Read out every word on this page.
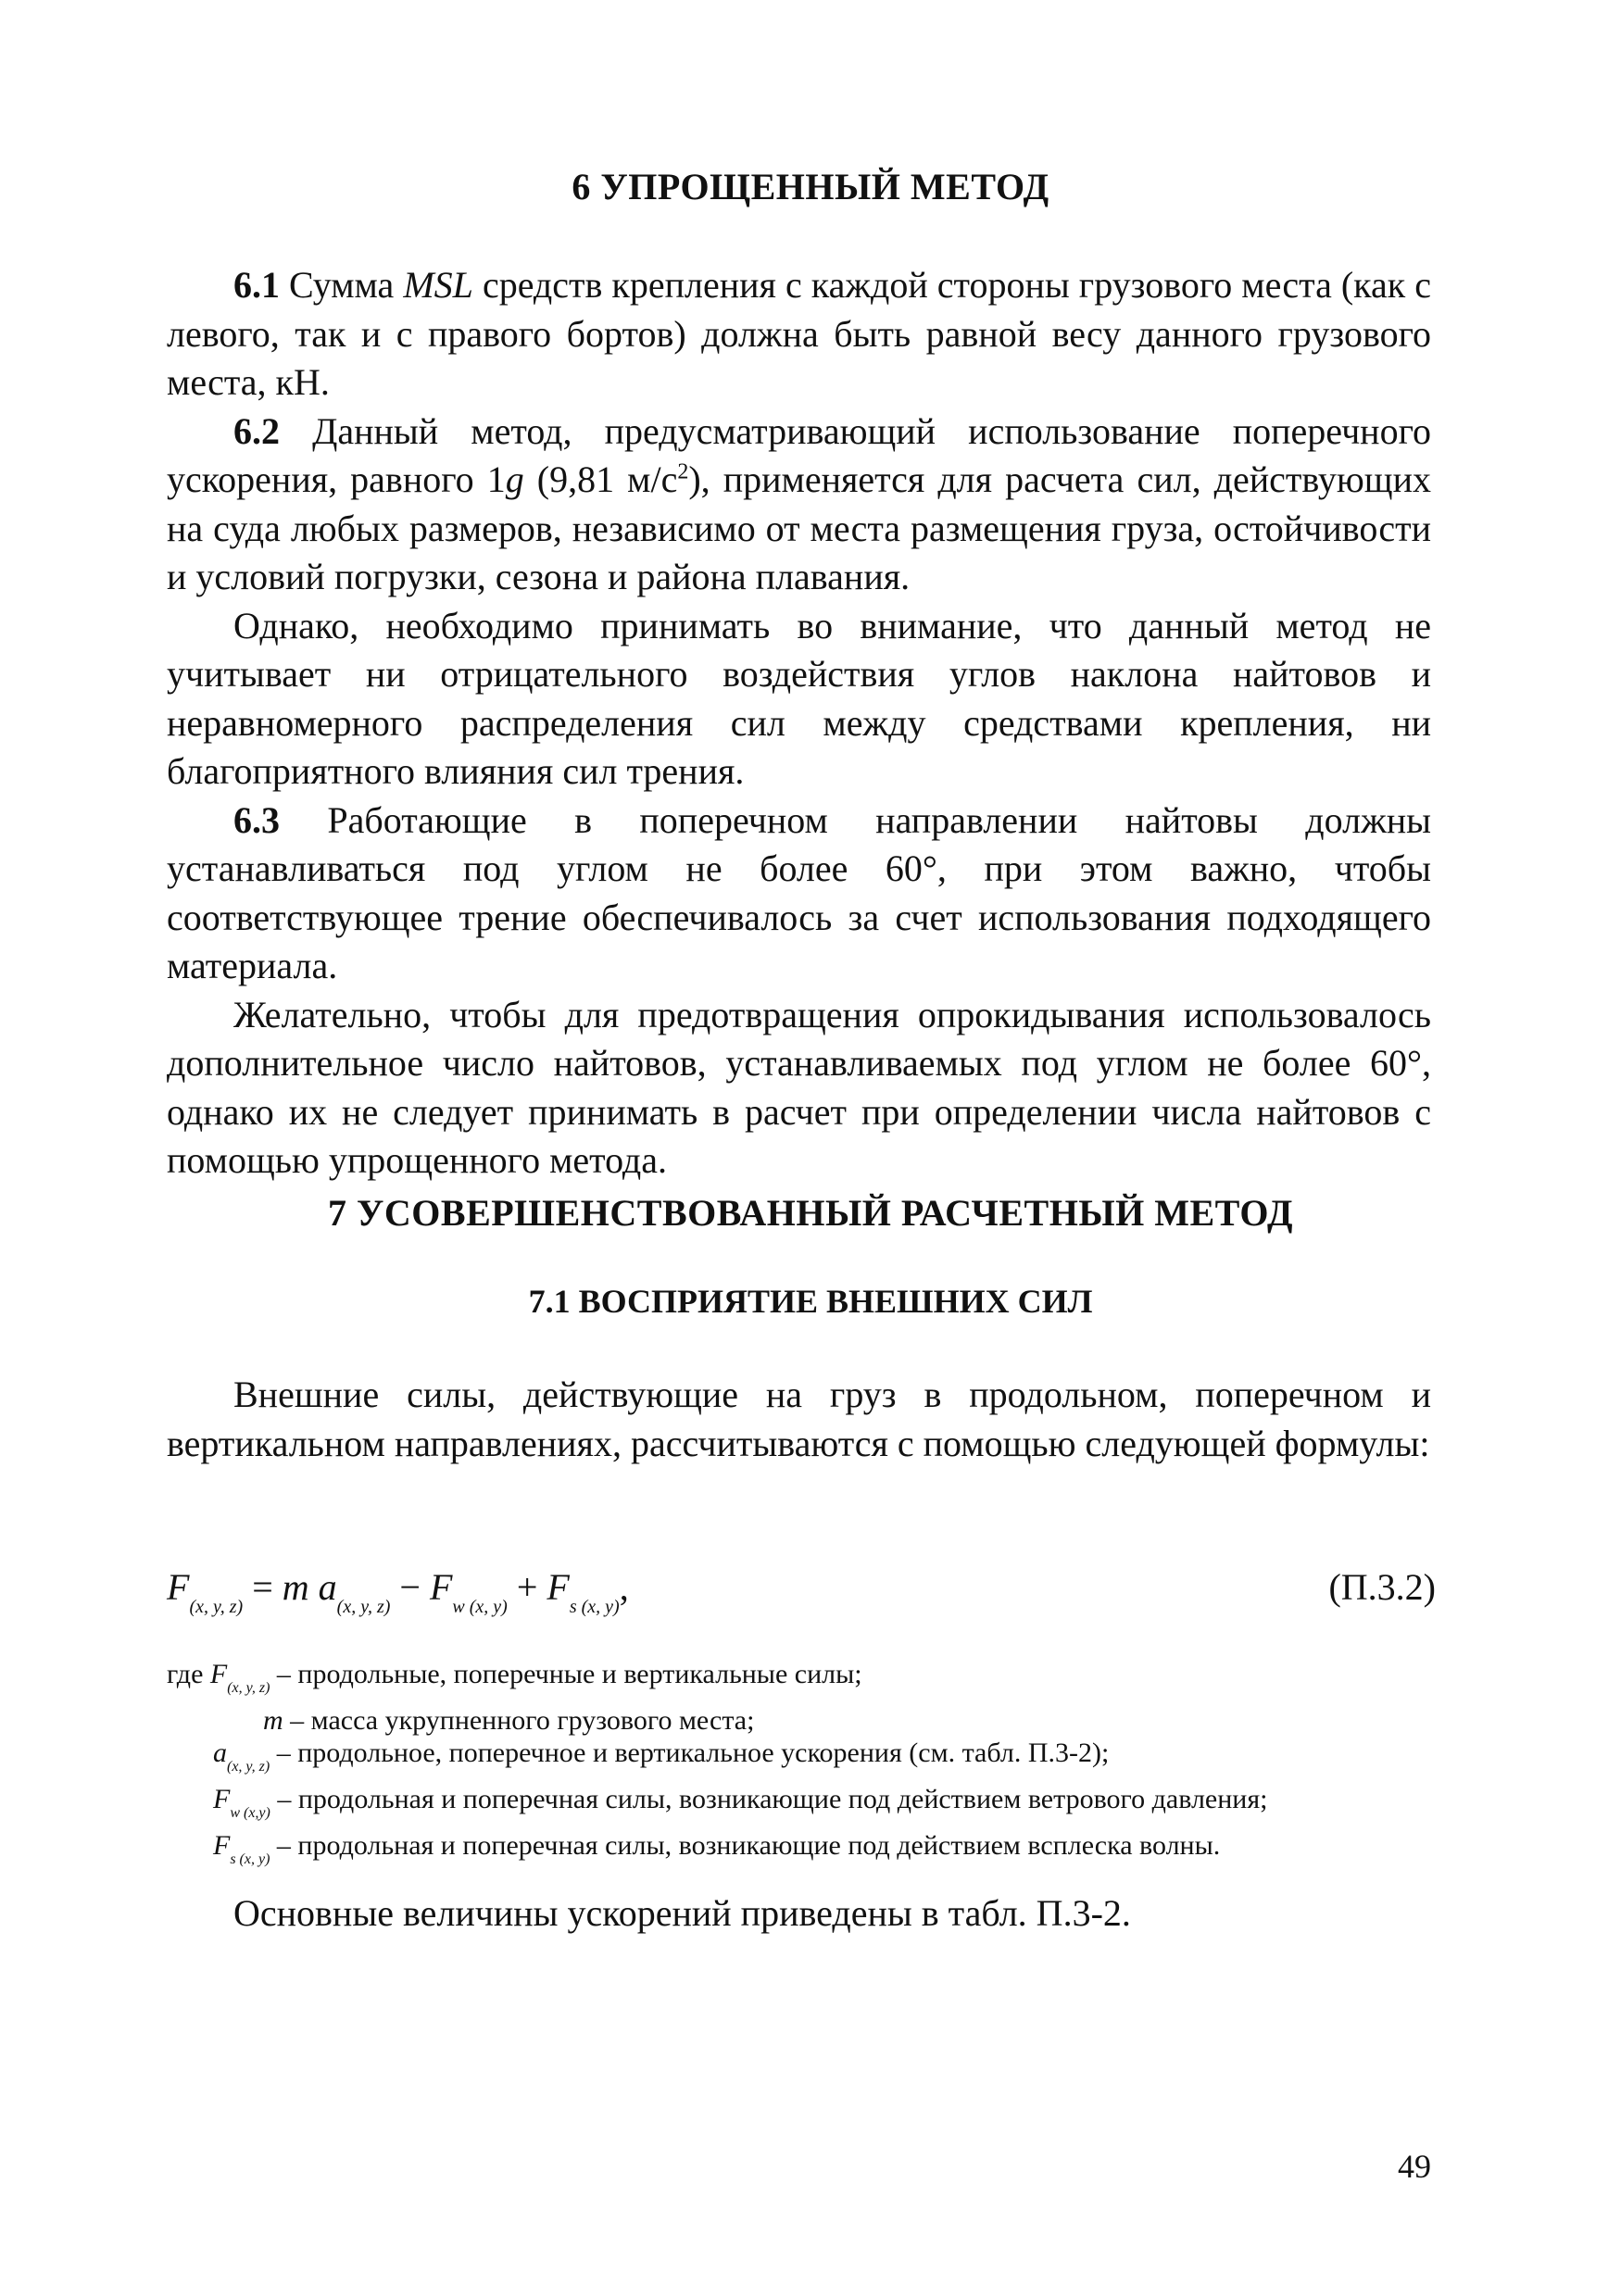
6 УПРОЩЕННЫЙ МЕТОД

6.1 Сумма MSL средств крепления с каждой стороны грузового места (как с левого, так и с правого бортов) должна быть равной весу данного грузового места, кН.

6.2 Данный метод, предусматривающий использование поперечного ускорения, равного 1g (9,81 $м/с^2$), применяется для расчета сил, действующих на суда любых размеров, независимо от места размещения груза, остойчивости и условий погрузки, сезона и района плавания.

Однако, необходимо принимать во внимание, что данный метод не учитывает ни отрицательного воздействия углов наклона найтовов и неравномерного распределения сил между средствами крепления, ни благоприятного влияния сил трения.

6.3 Работающие в поперечном направлении найтовы должны устанавливаться под углом не более 60°, при этом важно, чтобы соответствующее трение обеспечивалось за счет использования подходящего материала.

Желательно, чтобы для предотвращения опрокидывания использовалось дополнительное число найтовов, устанавливаемых под углом не более 60°, однако их не следует принимать в расчет при определении числа найтовов с помощью упрощенного метода.

7 УСОВЕРШЕНСТВОВАННЫЙ РАСЧЕТНЫЙ МЕТОД
7.1 ВОСПРИЯТИЕ ВНЕШНИХ СИЛ

Внешние силы, действующие на груз в продольном, поперечном и вертикальном направлениях, рассчитываются с помощью следующей формулы:

$F_{(x, y, z)} = m$ $a_{(x, y, z)} - F_{w (x, y)} + F_{s (x, y)}$,	(П.3.2)
где $F_{(x, y, z)}$ – продольные, поперечные и вертикальные силы;
m – масса укрупненного грузового места;
$a_{(x, y, z)}$ – продольное, поперечное и вертикальное ускорения (см. табл. П.3-2);
$F_{w (x,y)}$ – продольная и поперечная силы, возникающие под действием ветрового давления;
$F_{s (x, y)}$ – продольная и поперечная силы, возникающие под действием всплеска волны.

Основные величины ускорений приведены в табл. П.3-2.

49
